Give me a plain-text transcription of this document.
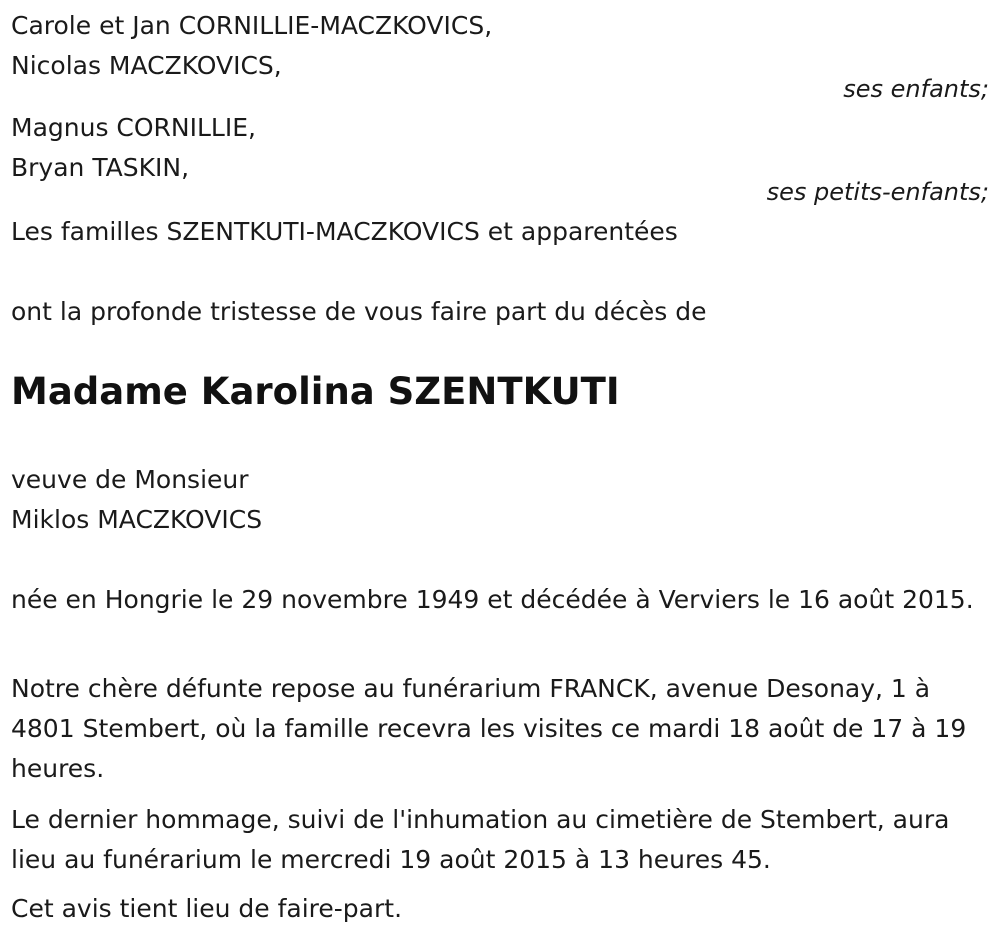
Carole et Jan CORNILLIE-MACZKOVICS,
Nicolas MACZKOVICS,
ses enfants;
Magnus CORNILLIE,
Bryan TASKIN,
ses petits-enfants;
Les familles SZENTKUTI-MACZKOVICS et apparentées
ont la profonde tristesse de vous faire part du décès de
Madame Karolina SZENTKUTI
veuve de Monsieur
Miklos MACZKOVICS
née en Hongrie le 29 novembre 1949 et décédée à Verviers le 16 août 2015.
Notre chère défunte repose au funérarium FRANCK, avenue Desonay, 1 à 4801 Stembert, où la famille recevra les visites ce mardi 18 août de 17 à 19 heures.
Le dernier hommage, suivi de l'inhumation au cimetière de Stembert, aura lieu au funérarium le mercredi 19 août 2015 à 13 heures 45.
Cet avis tient lieu de faire-part.
